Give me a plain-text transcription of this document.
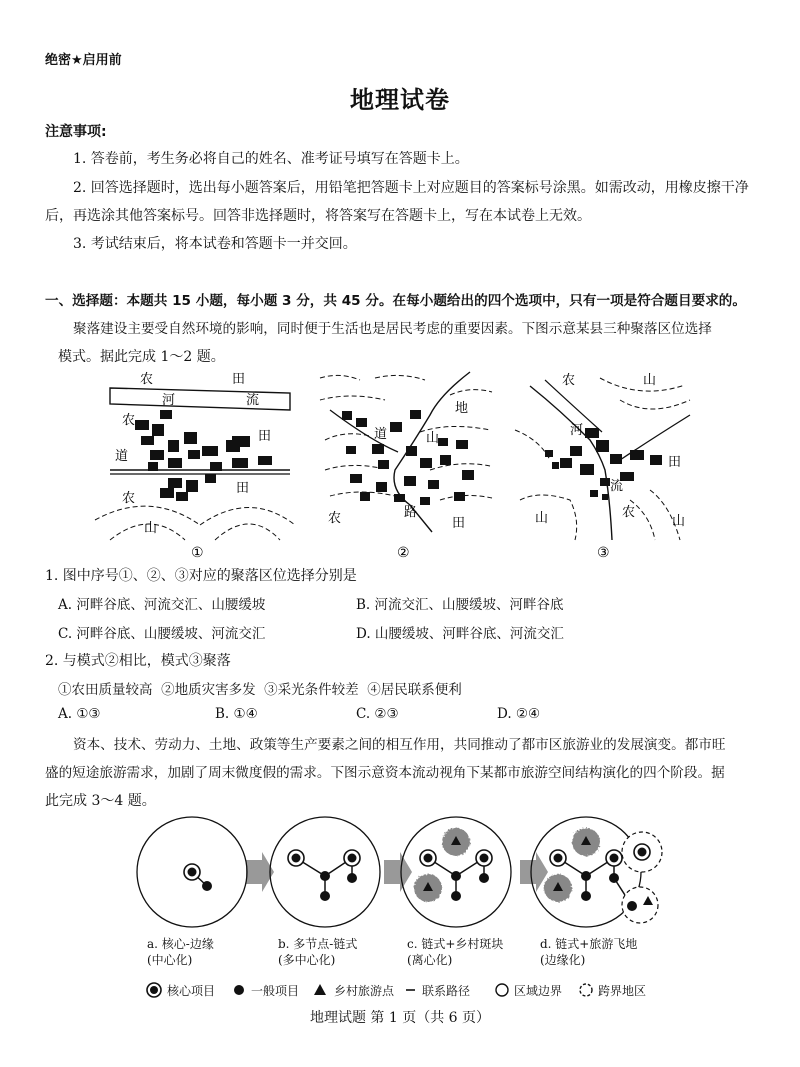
绝密★启用前
地理试卷
注意事项:
1. 答卷前，考生务必将自己的姓名、准考证号填写在答题卡上。
2. 回答选择题时，选出每小题答案后，用铅笔把答题卡上对应题目的答案标号涂黑。如需改动，用橡皮擦干净
后，再选涂其他答案标号。回答非选择题时，将答案写在答题卡上，写在本试卷上无效。
3. 考试结束后，将本试卷和答题卡一并交回。
一、选择题：本题共 15 小题，每小题 3 分，共 45 分。在每小题给出的四个选项中，只有一项是符合题目要求的。
聚落建设主要受自然环境的影响，同时便于生活也是居民考虑的重要因素。下图示意某县三种聚落区位选择
模式。据此完成 1～2 题。
农	田
河	流
农
田
道
田
农
山
①
地
道	山
农	路
田
②
农	山
河
田
流
山	农
山
③
1. 图中序号①、②、③对应的聚落区位选择分别是
A. 河畔谷底、河流交汇、山腰缓坡	B. 河流交汇、山腰缓坡、河畔谷底
C. 河畔谷底、山腰缓坡、河流交汇	D. 山腰缓坡、河畔谷底、河流交汇
2. 与模式②相比，模式③聚落
①农田质量较高  ②地质灾害多发  ③采光条件较差  ④居民联系便利
A. ①③	B. ①④	C. ②③	D. ②④
资本、技术、劳动力、土地、政策等生产要素之间的相互作用，共同推动了都市区旅游业的发展演变。都市旺
盛的短途旅游需求，加剧了周末微度假的需求。下图示意资本流动视角下某都市旅游空间结构演化的四个阶段。据
此完成 3～4 题。
a. 核心-边缘
(中心化)
b. 多节点-链式
(多中心化)
c. 链式+乡村斑块
(离心化)
d. 链式+旅游飞地
(边缘化)
核心项目	一般项目	乡村旅游点 联系路径	区域边界	跨界地区
地理试题 第 1 页（共 6 页）
